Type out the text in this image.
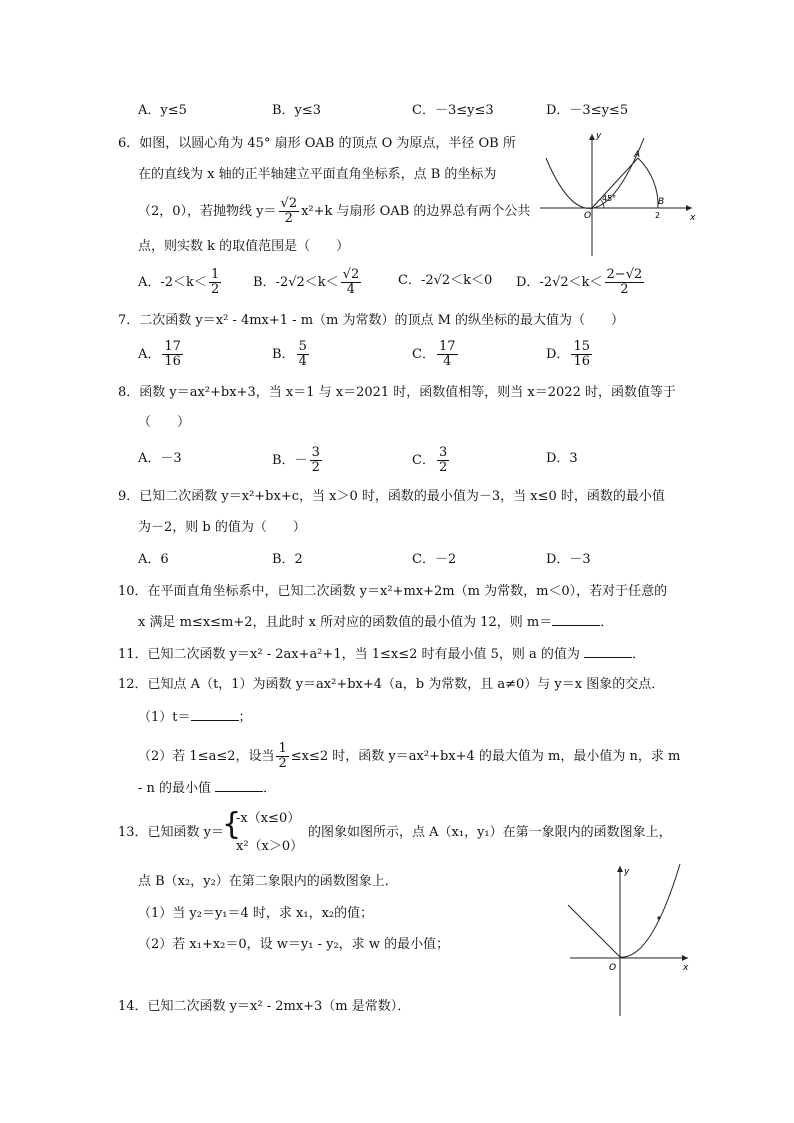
A．y≤5	B．y≤3	C．－3≤y≤3	D．－3≤y≤5
6．如图，以圆心角为 45° 扇形 OAB 的顶点 O 为原点，半径 OB 所
在的直线为 x 轴的正半轴建立平面直角坐标系，点 B 的坐标为
（2，0），若抛物线 $y= \frac{√2}{2} x^2+k$ 与扇形 OAB 的边界总有两个公共
点，则实数 k 的取值范围是（　　）
y
x
A
B
O
45°
2
A．$-2<k< \frac{1}{2}$ B．$-2√2<k< \frac{√2}{4}$	C．-2√2＜k＜0 D．$-2√2<k< \frac{2-√2}{2}$
7．二次函数 y＝x² - 4mx+1 - m（m 为常数）的顶点 M 的纵坐标的最大值为（　　）
A． $\frac{17}{16}$	B． $\frac{5}{4}$	C． $\frac{17}{4}$	D． $\frac{15}{16}$
8．函数 y＝ax²+bx+3，当 x＝1 与 x＝2021 时，函数值相等，则当 x＝2022 时，函数值等于
（　　）
A．－3	B．－ $\frac{3}{2}$	C． $\frac{3}{2}$	D．3
9．已知二次函数 y＝x²+bx+c，当 x＞0 时，函数的最小值为－3，当 x≤0 时，函数的最小值
为－2，则 b 的值为（　　）
A．6	B．2	C．－2	D．－3
10．在平面直角坐标系中，已知二次函数 y＝x²+mx+2m（m 为常数，m＜0），若对于任意的
x 满足 m≤x≤m+2，且此时 x 所对应的函数值的最小值为 12，则 m＝	．
11．已知二次函数 y＝x² - 2ax+a²+1，当 1≤x≤2 时有最小值 5，则 a 的值为	．
12．已知点 A（t，1）为函数 y＝ax²+bx+4（a，b 为常数，且 a≠0）与 y＝x 图象的交点．
（1）t＝	；
（2）若 1≤a≤2，设当 $\frac{1}{2} \le x\le 2$ 时，函数 y＝ax²+bx+4 的最大值为 m，最小值为 n，求 m
- n 的最小值	．
13．已知函数 y＝
{
-x（x≤0）
x²（x＞0）
的图象如图所示，点 A（x₁，y₁）在第一象限内的函数图象上，
点 B（x₂，y₂）在第二象限内的函数图象上．
（1）当 y₂＝y₁＝4 时，求 x₁，x₂的值；
（2）若 x₁+x₂＝0，设 w＝y₁ - y₂，求 w 的最小值；
y
x
O
14．已知二次函数 y＝x² - 2mx+3（m 是常数）．
